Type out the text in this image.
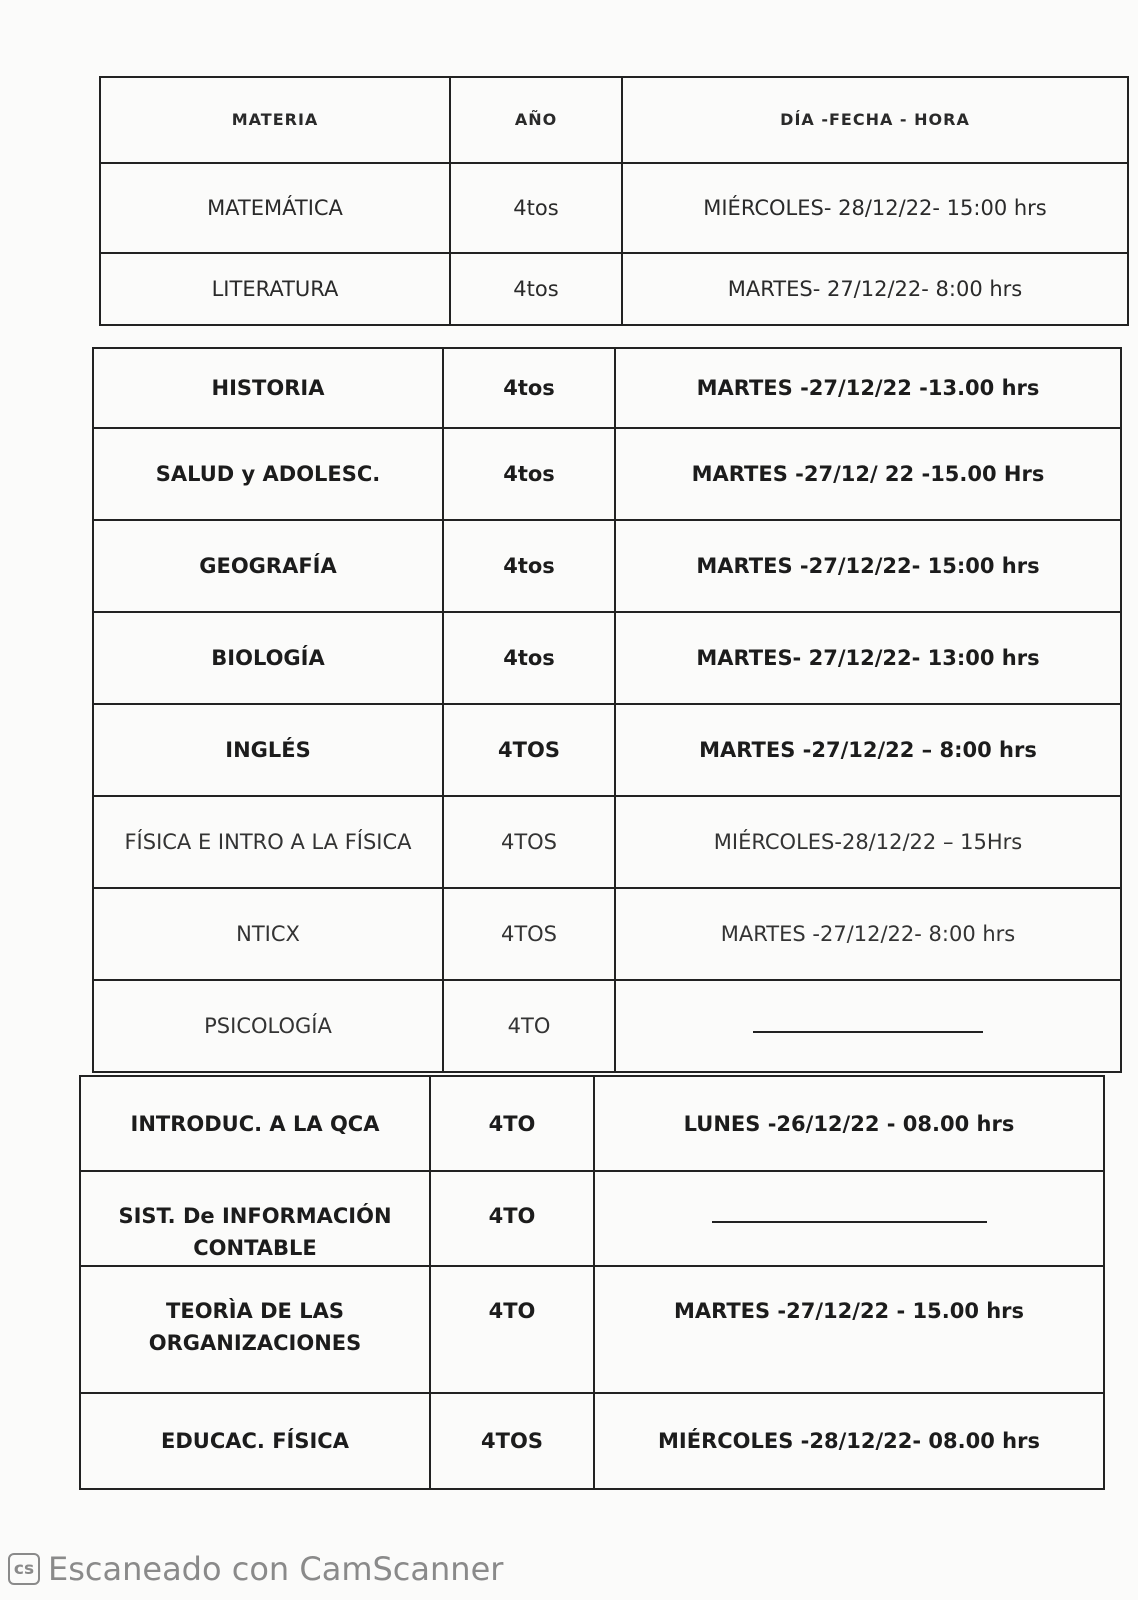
MATERIA	AÑO	DÍA -FECHA - HORA
MATEMÁTICA	4tos	MIÉRCOLES- 28/12/22- 15:00 hrs
LITERATURA	4tos	MARTES- 27/12/22- 8:00 hrs
HISTORIA	4tos	MARTES -27/12/22 -13.00 hrs
SALUD y ADOLESC.	4tos	MARTES -27/12/ 22 -15.00 Hrs
GEOGRAFÍA	4tos	MARTES -27/12/22- 15:00 hrs
BIOLOGÍA	4tos	MARTES- 27/12/22- 13:00 hrs
INGLÉS	4TOS	MARTES -27/12/22 – 8:00 hrs
FÍSICA E INTRO A LA FÍSICA	4TOS	MIÉRCOLES-28/12/22 – 15Hrs
NTICX	4TOS	MARTES -27/12/22- 8:00 hrs
PSICOLOGÍA	4TO	
INTRODUC. A LA QCA	4TO	LUNES -26/12/22 - 08.00 hrs

SIST. De INFORMACIÓN
CONTABLE	4TO	

TEORÌA DE LAS
ORGANIZACIONES	4TO	MARTES -27/12/22 - 15.00 hrs
EDUCAC. FÍSICA	4TOS	MIÉRCOLES -28/12/22- 08.00 hrs
cs Escaneado con CamScanner
